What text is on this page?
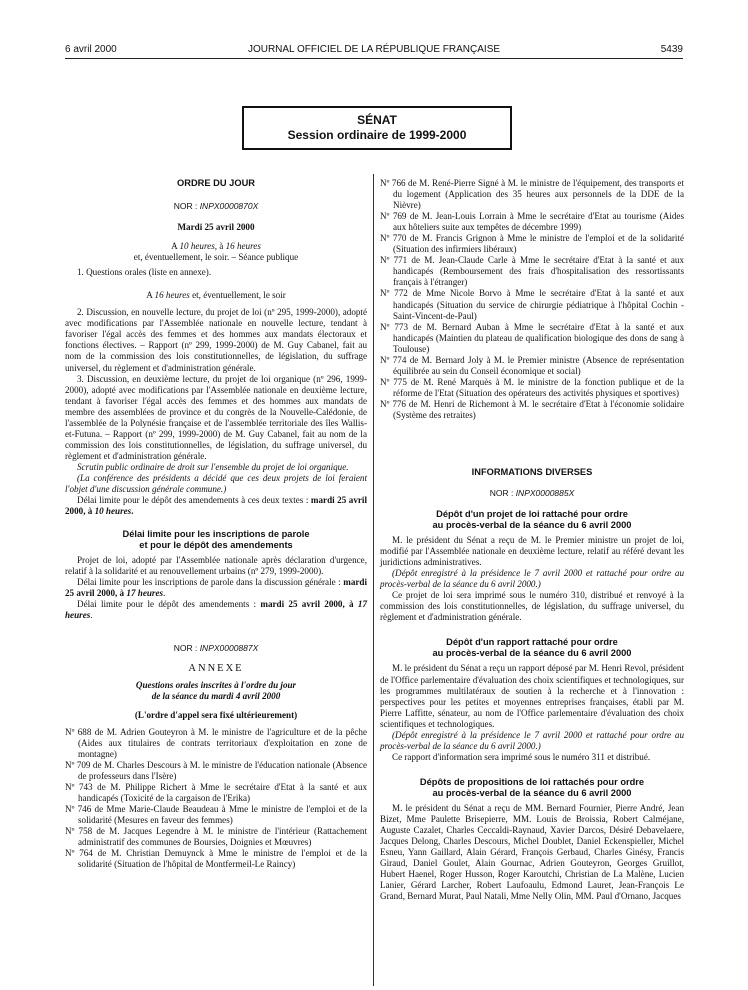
6 avril 2000	JOURNAL OFFICIEL DE LA RÉPUBLIQUE FRANÇAISE	5439
SÉNAT
Session ordinaire de 1999-2000

ORDRE DU JOUR

NOR : INPX0000870X

Mardi 25 avril 2000

A 10 heures, à 16 heures

et, éventuellement, le soir. – Séance publique

1. Questions orales (liste en annexe).

A 16 heures et, éventuellement, le soir

2. Discussion, en nouvelle lecture, du projet de loi (nº 295, 1999-2000), adopté avec modifications par l'Assemblée nationale en nouvelle lecture, tendant à favoriser l'égal accès des femmes et des hommes aux mandats électoraux et fonctions électives. – Rapport (nº 299, 1999-2000) de M. Guy Cabanel, fait au nom de la commission des lois constitutionnelles, de législation, du suffrage universel, du règlement et d'administration générale.

3. Discussion, en deuxième lecture, du projet de loi organique (nº 296, 1999-2000), adopté avec modifications par l'Assemblée nationale en deuxième lecture, tendant à favoriser l'égal accès des femmes et des hommes aux mandats de membre des assemblées de province et du congrès de la Nouvelle-Calédonie, de l'assemblée de la Polynésie française et de l'assemblée territoriale des îles Wallis-et-Futuna. – Rapport (nº 299, 1999-2000) de M. Guy Cabanel, fait au nom de la commission des lois constitutionnelles, de législation, du suffrage universel, du règlement et d'administration générale.

Scrutin public ordinaire de droit sur l'ensemble du projet de loi organique.

(La conférence des présidents a décidé que ces deux projets de loi feraient l'objet d'une discussion générale commune.)

Délai limite pour le dépôt des amendements à ces deux textes : mardi 25 avril 2000, à 10 heures.

Délai limite pour les inscriptions de parole

et pour le dépôt des amendements

Projet de loi, adopté par l'Assemblée nationale après déclaration d'urgence, relatif à la solidarité et au renouvellement urbains (nº 279, 1999-2000).

Délai limite pour les inscriptions de parole dans la discussion générale : mardi 25 avril 2000, à 17 heures.

Délai limite pour le dépôt des amendements : mardi 25 avril 2000, à 17 heures.

NOR : INPX0000887X

ANNEXE

Questions orales inscrites à l'ordre du jour

de la séance du mardi 4 avril 2000

(L'ordre d'appel sera fixé ultérieurement)

Nº 688 de M. Adrien Gouteyron à M. le ministre de l'agriculture et de la pêche (Aides aux titulaires de contrats territoriaux d'exploitation en zone de montagne)

Nº 709 de M. Charles Descours à M. le ministre de l'éducation nationale (Absence de professeurs dans l'Isère)

Nº 743 de M. Philippe Richert à Mme le secrétaire d'Etat à la santé et aux handicapés (Toxicité de la cargaison de l'Erika)

Nº 746 de Mme Marie-Claude Beaudeau à Mme le ministre de l'emploi et de la solidarité (Mesures en faveur des femmes)

Nº 758 de M. Jacques Legendre à M. le ministre de l'intérieur (Rattachement administratif des communes de Boursies, Doignies et Mœuvres)

Nº 764 de M. Christian Demuynck à Mme le ministre de l'emploi et de la solidarité (Situation de l'hôpital de Montfermeil-Le Raincy)

Nº 766 de M. René-Pierre Signé à M. le ministre de l'équipement, des transports et du logement (Application des 35 heures aux personnels de la DDE de la Nièvre)

Nº 769 de M. Jean-Louis Lorrain à Mme le secrétaire d'Etat au tourisme (Aides aux hôteliers suite aux tempêtes de décembre 1999)

Nº 770 de M. Francis Grignon à Mme le ministre de l'emploi et de la solidarité (Situation des infirmiers libéraux)

Nº 771 de M. Jean-Claude Carle à Mme le secrétaire d'Etat à la santé et aux handicapés (Remboursement des frais d'hospitalisation des ressortissants français à l'étranger)

Nº 772 de Mme Nicole Borvo à Mme le secrétaire d'Etat à la santé et aux handicapés (Situation du service de chirurgie pédiatrique à l'hôpital Cochin - Saint-Vincent-de-Paul)

Nº 773 de M. Bernard Auban à Mme le secrétaire d'Etat à la santé et aux handicapés (Maintien du plateau de qualification biologique des dons de sang à Toulouse)

Nº 774 de M. Bernard Joly à M. le Premier ministre (Absence de représentation équilibrée au sein du Conseil économique et social)

Nº 775 de M. René Marquès à M. le ministre de la fonction publique et de la réforme de l'Etat (Situation des opérateurs des activités physiques et sportives)

Nº 776 de M. Henri de Richemont à M. le secrétaire d'Etat à l'économie solidaire (Système des retraites)

INFORMATIONS DIVERSES

NOR : INPX0000885X

Dépôt d'un projet de loi rattaché pour ordre

au procès-verbal de la séance du 6 avril 2000

M. le président du Sénat a reçu de M. le Premier ministre un projet de loi, modifié par l'Assemblée nationale en deuxième lecture, relatif au référé devant les juridictions administratives.

(Dépôt enregistré à la présidence le 7 avril 2000 et rattaché pour ordre au procès-verbal de la séance du 6 avril 2000.)

Ce projet de loi sera imprimé sous le numéro 310, distribué et renvoyé à la commission des lois constitutionnelles, de législation, du suffrage universel, du règlement et d'administration générale.

Dépôt d'un rapport rattaché pour ordre

au procès-verbal de la séance du 6 avril 2000

M. le président du Sénat a reçu un rapport déposé par M. Henri Revol, président de l'Office parlementaire d'évaluation des choix scientifiques et technologiques, sur les programmes multilatéraux de soutien à la recherche et à l'innovation : perspectives pour les petites et moyennes entreprises françaises, établi par M. Pierre Laffitte, sénateur, au nom de l'Office parlementaire d'évaluation des choix scientifiques et technologiques.

(Dépôt enregistré à la présidence le 7 avril 2000 et rattaché pour ordre au procès-verbal de la séance du 6 avril 2000.)

Ce rapport d'information sera imprimé sous le numéro 311 et distribué.

Dépôts de propositions de loi rattachés pour ordre

au procès-verbal de la séance du 6 avril 2000

M. le président du Sénat a reçu de MM. Bernard Fournier, Pierre André, Jean Bizet, Mme Paulette Brisepierre, MM. Louis de Broissia, Robert Calméjane, Auguste Cazalet, Charles Ceccaldi-Raynaud, Xavier Darcos, Désiré Debavelaere, Jacques Delong, Charles Descours, Michel Doublet, Daniel Eckenspieller, Michel Esneu, Yann Gaillard, Alain Gérard, François Gerbaud, Charles Ginésy, Francis Giraud, Daniel Goulet, Alain Gournac, Adrien Gouteyron, Georges Gruillot, Hubert Haenel, Roger Husson, Roger Karoutchi, Christian de La Malène, Lucien Lanier, Gérard Larcher, Robert Laufoaulu, Edmond Lauret, Jean-François Le Grand, Bernard Murat, Paul Natali, Mme Nelly Olin, MM. Paul d'Ornano, Jacques
